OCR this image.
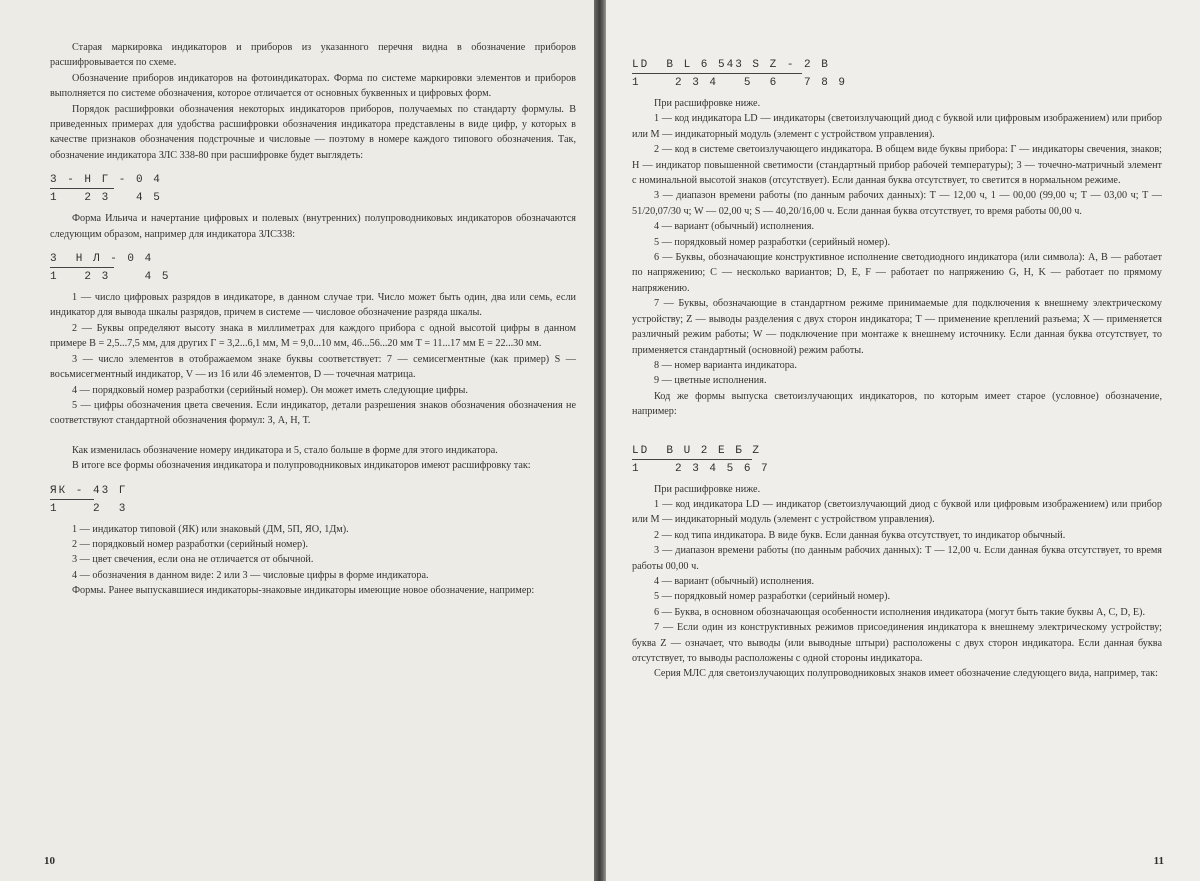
Старая маркировка индикаторов и приборов из указанного перечня видна в обозначение приборов расшифровывается по схеме.

Обозначение приборов индикаторов на фотоиндикаторах. Форма по системе маркировки элементов и приборов выполняется по системе обозначения, которое отличается от основных буквенных и цифровых форм.

Порядок расшифровки обозначения некоторых индикаторов приборов, получаемых по стандарту формулы. В приведенных примерах для удобства расшифровки обозначения индикатора представлены в виде цифр, у которых в качестве признаков обозначения подстрочные и числовые — поэтому в номере каждого типового обозначения. Так, обозначение индикатора ЗЛС 338-80 при расшифровке будет выглядеть:

3 - Н Г - 0 4
1   2 3   4 5

Форма Ильича и начертание цифровых и полевых (внутренних) полупроводниковых индикаторов обозначаются следующим образом, например для индикатора ЗЛС338:

3  Н Л - 0 4
1   2 3    4 5

1 — число цифровых разрядов в индикаторе, в данном случае три. Число может быть один, два или семь, если индикатор для вывода шкалы разрядов, причем в системе — числовое обозначение разряда шкалы.

2 — Буквы определяют высоту знака в миллиметрах для каждого прибора с одной высотой цифры в данном примере В = 2,5...7,5 мм, для других Г = 3,2...6,1 мм, М = 9,0...10 мм, 46...56...20 мм Т = 11...17 мм Е = 22...30 мм.

3 — число элементов в отображаемом знаке буквы соответствует: 7 — семисегментные (как пример) S — восьмисегментный индикатор, V — из 16 или 46 элементов, D — точечная матрица.

4 — порядковый номер разработки (серийный номер). Он может иметь следующие цифры.

5 — цифры обозначения цвета свечения. Если индикатор, детали разрешения знаков обозначения обозначения не соответствуют стандартной обозначения формул: З, А, Н, Т.

Как изменилась обозначение номеру индикатора и 5, стало больше в форме для этого индикатора.

В итоге все формы обозначения индикатора и полупроводниковых индикаторов имеют расшифровку так:

ЯК - 43 Г
1    2  3

1 — индикатор типовой (ЯК) или знаковый (ДМ, 5П, ЯО, 1Дм).

2 — порядковый номер разработки (серийный номер).

3 — цвет свечения, если она не отличается от обычной.

4 — обозначения в данном виде: 2 или 3 — числовые цифры в форме индикатора.

Формы. Ранее выпускавшиеся индикаторы-знаковые индикаторы имеющие новое обозначение, например:

10
LD  В L 6 543 S Z - 2 B
1    2 3 4   5  6   7 8 9

При расшифровке ниже.

1 — код индикатора LD — индикаторы (светоизлучающий диод с буквой или цифровым изображением) или прибор или М — индикаторный модуль (элемент с устройством управления).

2 — код в системе светоизлучающего индикатора. В общем виде буквы прибора: Г — индикаторы свечения, знаков; Н — индикатор повышенной светимости (стандартный прибор рабочей температуры); 3 — точечно-матричный элемент с номинальной высотой знаков (отсутствует). Если данная буква отсутствует, то светится в нормальном режиме.

3 — диапазон времени работы (по данным рабочих данных): Т — 12,00 ч, 1 — 00,00 (99,00 ч; Т — 03,00 ч; Т — 51/20,07/30 ч; W — 02,00 ч; S — 40,20/16,00 ч. Если данная буква отсутствует, то время работы 00,00 ч.

4 — вариант (обычный) исполнения.

5 — порядковый номер разработки (серийный номер).

6 — Буквы, обозначающие конструктивное исполнение светодиодного индикатора (или символа): А, В — работает по напряжению; С — несколько вариантов; D, E, F — работает по напряжению G, H, K — работает по прямому напряжению.

7 — Буквы, обозначающие в стандартном режиме принимаемые для подключения к внешнему электрическому устройству; Z — выводы разделения с двух сторон индикатора; Т — применение креплений разъема; Х — применяется различный режим работы; W — подключение при монтаже к внешнему источнику. Если данная буква отсутствует, то применяется стандартный (основной) режим работы.

8 — номер варианта индикатора.

9 — цветные исполнения.

Код же формы выпуска светоизлучающих индикаторов, по которым имеет старое (условное) обозначение, например:

LD  В U 2 Е Б Z
1    2 3 4 5 6 7

При расшифровке ниже.

1 — код индикатора LD — индикатор (светоизлучающий диод с буквой или цифровым изображением) или прибор или М — индикаторный модуль (элемент с устройством управления).

2 — код типа индикатора. В виде букв. Если данная буква отсутствует, то индикатор обычный.

3 — диапазон времени работы (по данным рабочих данных): Т — 12,00 ч. Если данная буква отсутствует, то время работы 00,00 ч.

4 — вариант (обычный) исполнения.

5 — порядковый номер разработки (серийный номер).

6 — Буква, в основном обозначающая особенности исполнения индикатора (могут быть такие буквы А, С, D, Е).

7 — Если один из конструктивных режимов присоединения индикатора к внешнему электрическому устройству; буква Z — означает, что выводы (или выводные штыри) расположены с двух сторон индикатора. Если данная буква отсутствует, то выводы расположены с одной стороны индикатора.

Серия МЛС для светоизлучающих полупроводниковых знаков имеет обозначение следующего вида, например, так:

11
